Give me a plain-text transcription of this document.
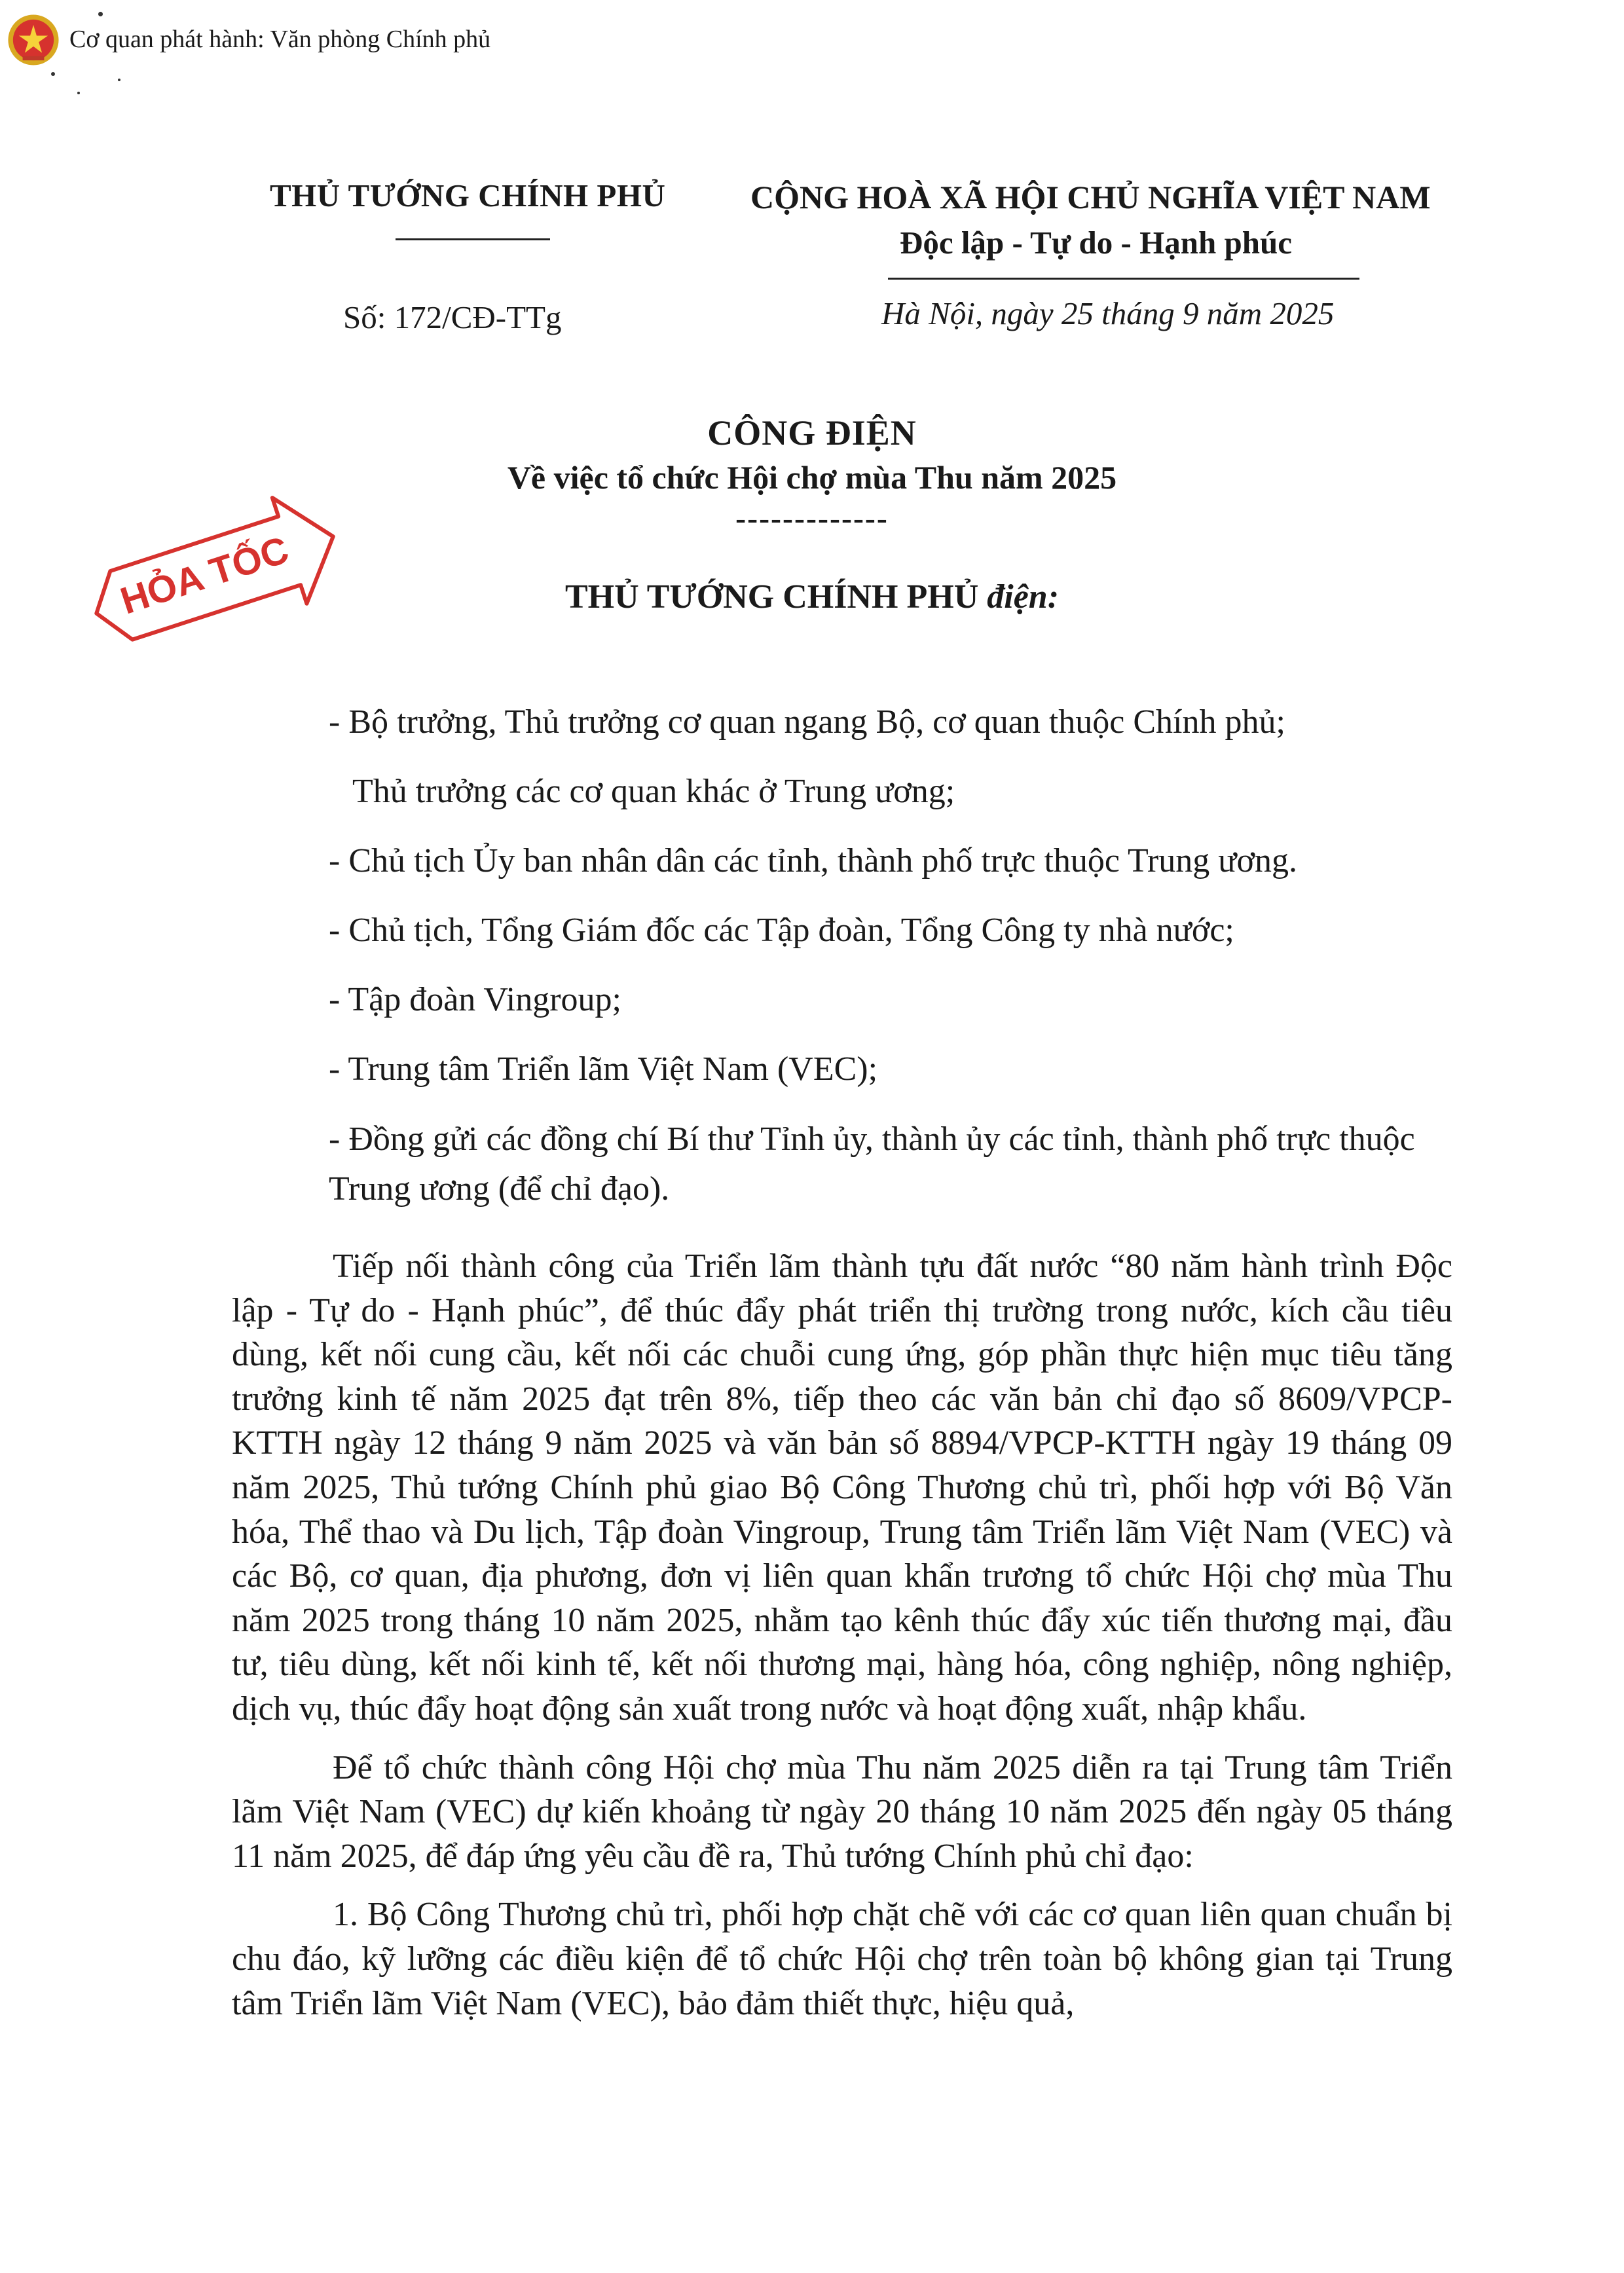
Cơ quan phát hành: Văn phòng Chính phủ
THỦ TƯỚNG CHÍNH PHỦ	CỘNG HOÀ XÃ HỘI CHỦ NGHĨA VIỆT NAM
Độc lập - Tự do - Hạnh phúc
Số: 172/CĐ-TTg	Hà Nội, ngày 25 tháng 9 năm 2025
CÔNG ĐIỆN
Về việc tổ chức Hội chợ mùa Thu năm 2025
-------------
HỎA TỐC	THỦ TƯỚNG CHÍNH PHỦ điện:
- Bộ trưởng, Thủ trưởng cơ quan ngang Bộ, cơ quan thuộc Chính phủ;
Thủ trưởng các cơ quan khác ở Trung ương;
- Chủ tịch Ủy ban nhân dân các tỉnh, thành phố trực thuộc Trung ương.
- Chủ tịch, Tổng Giám đốc các Tập đoàn, Tổng Công ty nhà nước;
- Tập đoàn Vingroup;
- Trung tâm Triển lãm Việt Nam (VEC);
- Đồng gửi các đồng chí Bí thư Tỉnh ủy, thành ủy các tỉnh, thành phố trực thuộc Trung ương (để chỉ đạo).

Tiếp nối thành công của Triển lãm thành tựu đất nước “80 năm hành trình Độc lập - Tự do - Hạnh phúc”, để thúc đẩy phát triển thị trường trong nước, kích cầu tiêu dùng, kết nối cung cầu, kết nối các chuỗi cung ứng, góp phần thực hiện mục tiêu tăng trưởng kinh tế năm 2025 đạt trên 8%, tiếp theo các văn bản chỉ đạo số 8609/VPCP-KTTH ngày 12 tháng 9 năm 2025 và văn bản số 8894/VPCP-KTTH ngày 19 tháng 09 năm 2025, Thủ tướng Chính phủ giao Bộ Công Thương chủ trì, phối hợp với Bộ Văn hóa, Thể thao và Du lịch, Tập đoàn Vingroup, Trung tâm Triển lãm Việt Nam (VEC) và các Bộ, cơ quan, địa phương, đơn vị liên quan khẩn trương tổ chức Hội chợ mùa Thu năm 2025 trong tháng 10 năm 2025, nhằm tạo kênh thúc đẩy xúc tiến thương mại, đầu tư, tiêu dùng, kết nối kinh tế, kết nối thương mại, hàng hóa, công nghiệp, nông nghiệp, dịch vụ, thúc đẩy hoạt động sản xuất trong nước và hoạt động xuất, nhập khẩu.

Để tổ chức thành công Hội chợ mùa Thu năm 2025 diễn ra tại Trung tâm Triển lãm Việt Nam (VEC) dự kiến khoảng từ ngày 20 tháng 10 năm 2025 đến ngày 05 tháng 11 năm 2025, để đáp ứng yêu cầu đề ra, Thủ tướng Chính phủ chỉ đạo:

1. Bộ Công Thương chủ trì, phối hợp chặt chẽ với các cơ quan liên quan chuẩn bị chu đáo, kỹ lưỡng các điều kiện để tổ chức Hội chợ trên toàn bộ không gian tại Trung tâm Triển lãm Việt Nam (VEC), bảo đảm thiết thực, hiệu quả,
